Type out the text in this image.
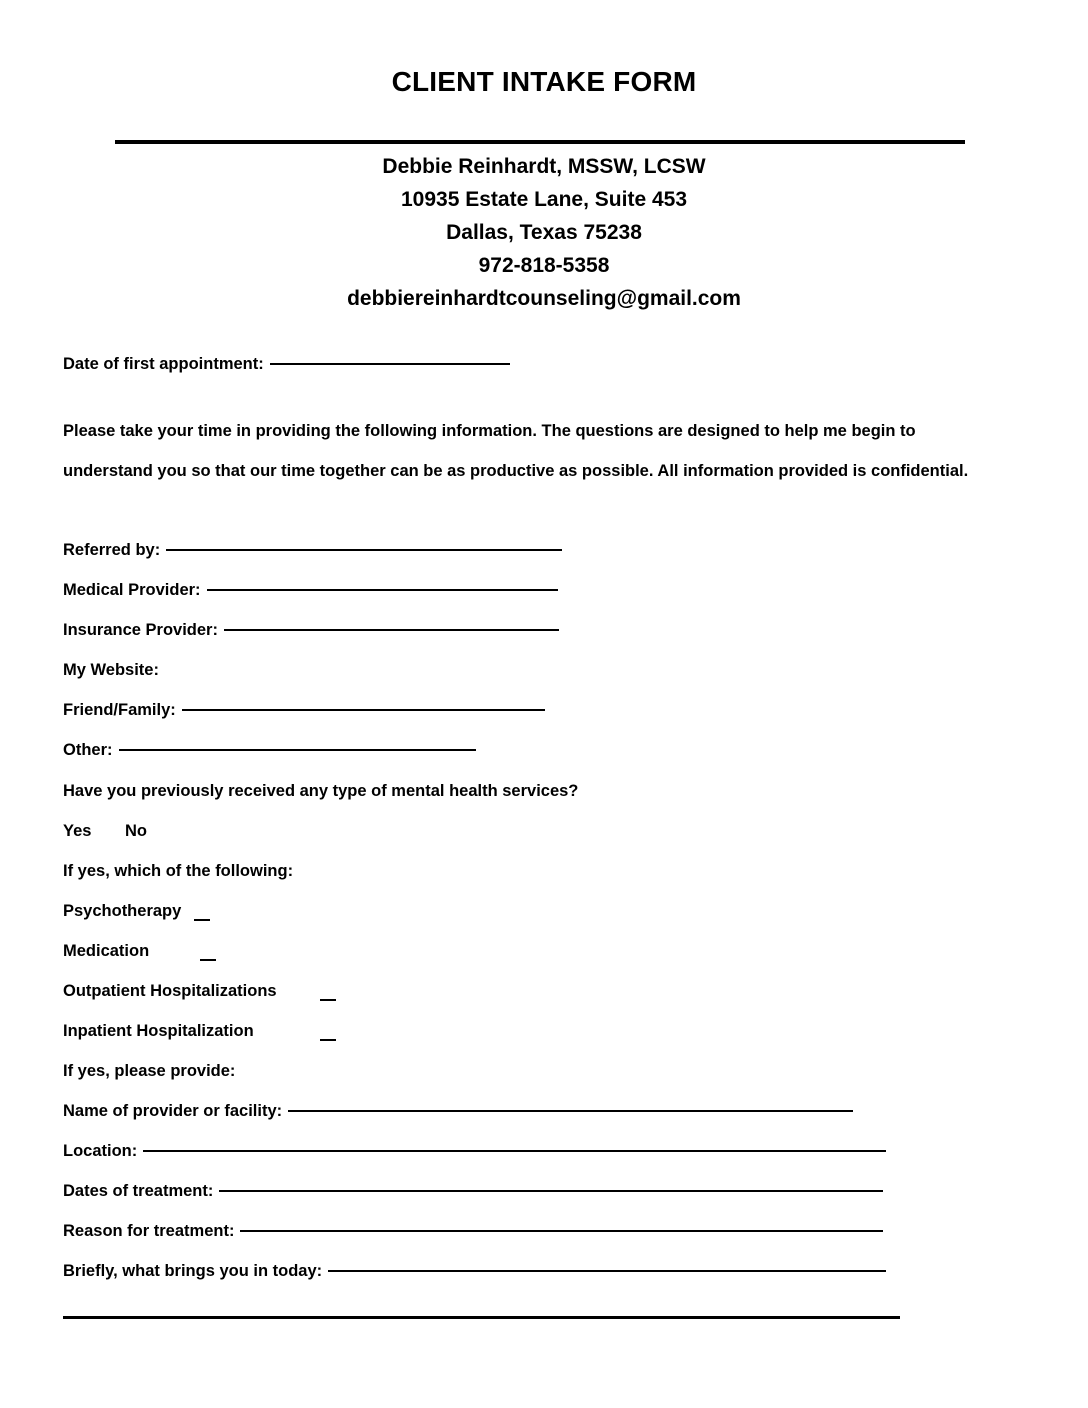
CLIENT INTAKE FORM
Debbie Reinhardt, MSSW, LCSW
10935 Estate Lane, Suite 453
Dallas, Texas 75238
972-818-5358
debbiereinhardtcounseling@gmail.com
Date of first appointment:
Please take your time in providing the following information. The questions are designed to help me begin to
understand you so that our time together can be as productive as possible. All information provided is confidential.
Referred by:
Medical Provider:
Insurance Provider:
My Website:
Friend/Family:
Other:
Have you previously received any type of mental health services?
Yes No
If yes, which of the following:
Psychotherapy
Medication
Outpatient Hospitalizations
Inpatient Hospitalization
If yes, please provide:
Name of provider or facility:
Location:
Dates of treatment:
Reason for treatment:
Briefly, what brings you in today:
